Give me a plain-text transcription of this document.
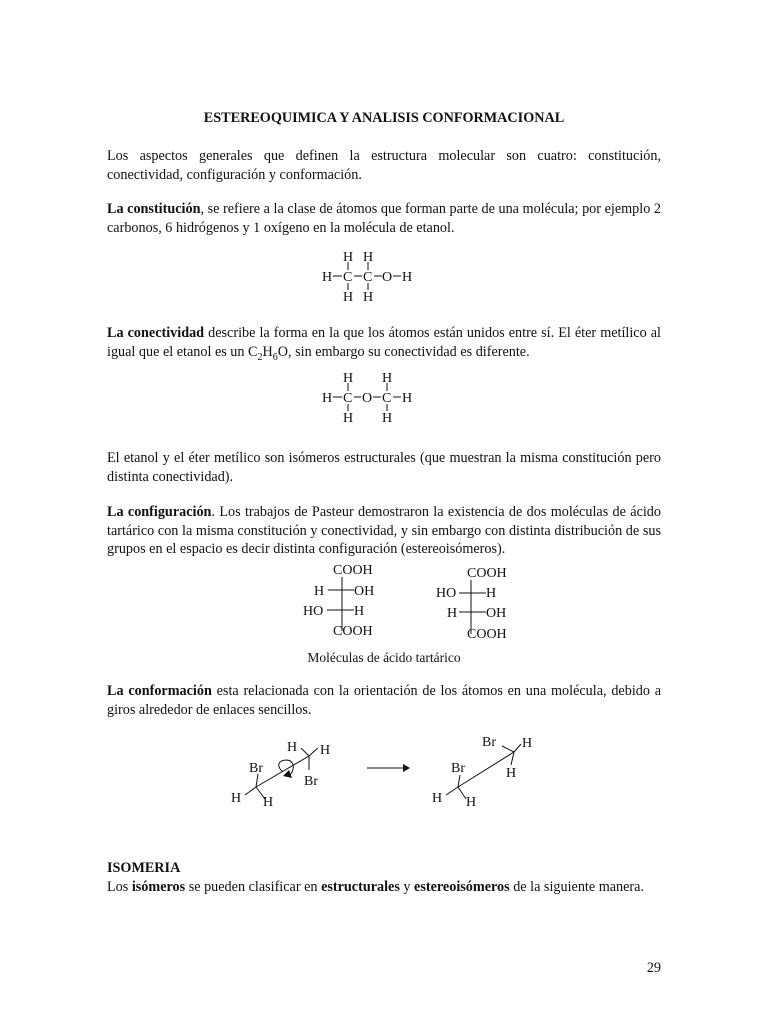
ESTEREOQUIMICA Y ANALISIS CONFORMACIONAL

Los aspectos generales que definen la estructura molecular son cuatro: constitución, conectividad, configuración y conformación.

La constitución, se refiere a la clase de átomos que forman parte de una molécula; por ejemplo 2 carbonos, 6 hidrógenos y 1 oxígeno en la molécula de etanol.

La conectividad describe la forma en la que los átomos están unidos entre sí. El éter metílico al igual que el etanol es un $C_2H_6O$, sin embargo su conectividad es diferente.

El etanol y el éter metílico son isómeros estructurales (que muestran la misma constitución pero distinta conectividad).

La configuración. Los trabajos de Pasteur demostraron la existencia de dos moléculas de ácido tartárico con la misma constitución y conectividad, y sin embargo con distinta distribución de sus grupos en el espacio es decir distinta configuración (estereoisómeros).

Moléculas de ácido tartárico

La conformación esta relacionada con la orientación de los átomos en una molécula, debido a giros alrededor de enlaces sencillos.

ISOMERIA

Los isómeros se pueden clasificar en estructurales y estereoisómeros de la siguiente manera.

29
H H
H C C O H
H H
H H
H C O C H
H H
COOH
H OH
HO H
COOH
COOH
HO H
H OH
COOH
H H
Br
Br
H H
Br H
H
Br
H H
